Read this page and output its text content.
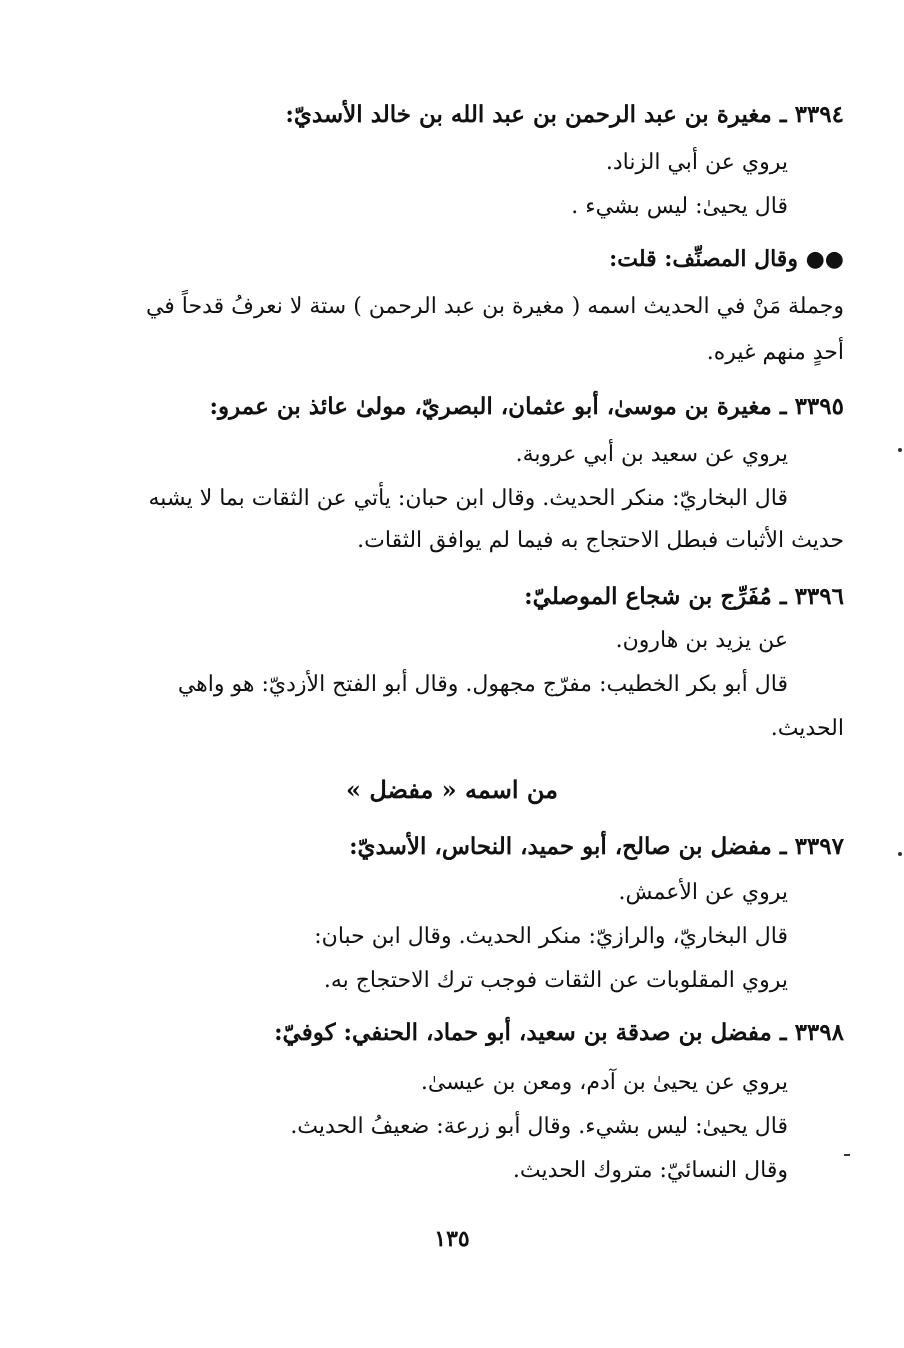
٣٣٩٤ ـ مغيرة بن عبد الرحمن بن عبد الله بن خالد الأسديّ:
يروي عن أبي الزناد.
قال يحيىٰ: ليس بشيء .
●● وقال المصنِّف: قلت:
وجملة مَنْ في الحديث اسمه ( مغيرة بن عبد الرحمن ) ستة لا نعرفُ قدحاً في
أحدٍ منهم غيره.
٣٣٩٥ ـ مغيرة بن موسىٰ، أبو عثمان، البصريّ، مولىٰ عائذ بن عمرو:
يروي عن سعيد بن أبي عروبة.
قال البخاريّ: منكر الحديث. وقال ابن حبان: يأتي عن الثقات بما لا يشبه
حديث الأثبات فبطل الاحتجاج به فيما لم يوافق الثقات.
٣٣٩٦ ـ مُفَرِّج بن شجاع الموصليّ:
عن يزيد بن هارون.
قال أبو بكر الخطيب: مفرّج مجهول. وقال أبو الفتح الأزديّ: هو واهي
الحديث.
من اسمه « مفضل »
٣٣٩٧ ـ مفضل بن صالح، أبو حميد، النحاس، الأسديّ:
يروي عن الأعمش.
قال البخاريّ، والرازيّ: منكر الحديث. وقال ابن حبان:
يروي المقلوبات عن الثقات فوجب ترك الاحتجاج به.
٣٣٩٨ ـ مفضل بن صدقة بن سعيد، أبو حماد، الحنفي: كوفيّ:
يروي عن يحيىٰ بن آدم، ومعن بن عيسىٰ.
قال يحيىٰ: ليس بشيء. وقال أبو زرعة: ضعيفُ الحديث.
وقال النسائيّ: متروك الحديث.
١٣٥
